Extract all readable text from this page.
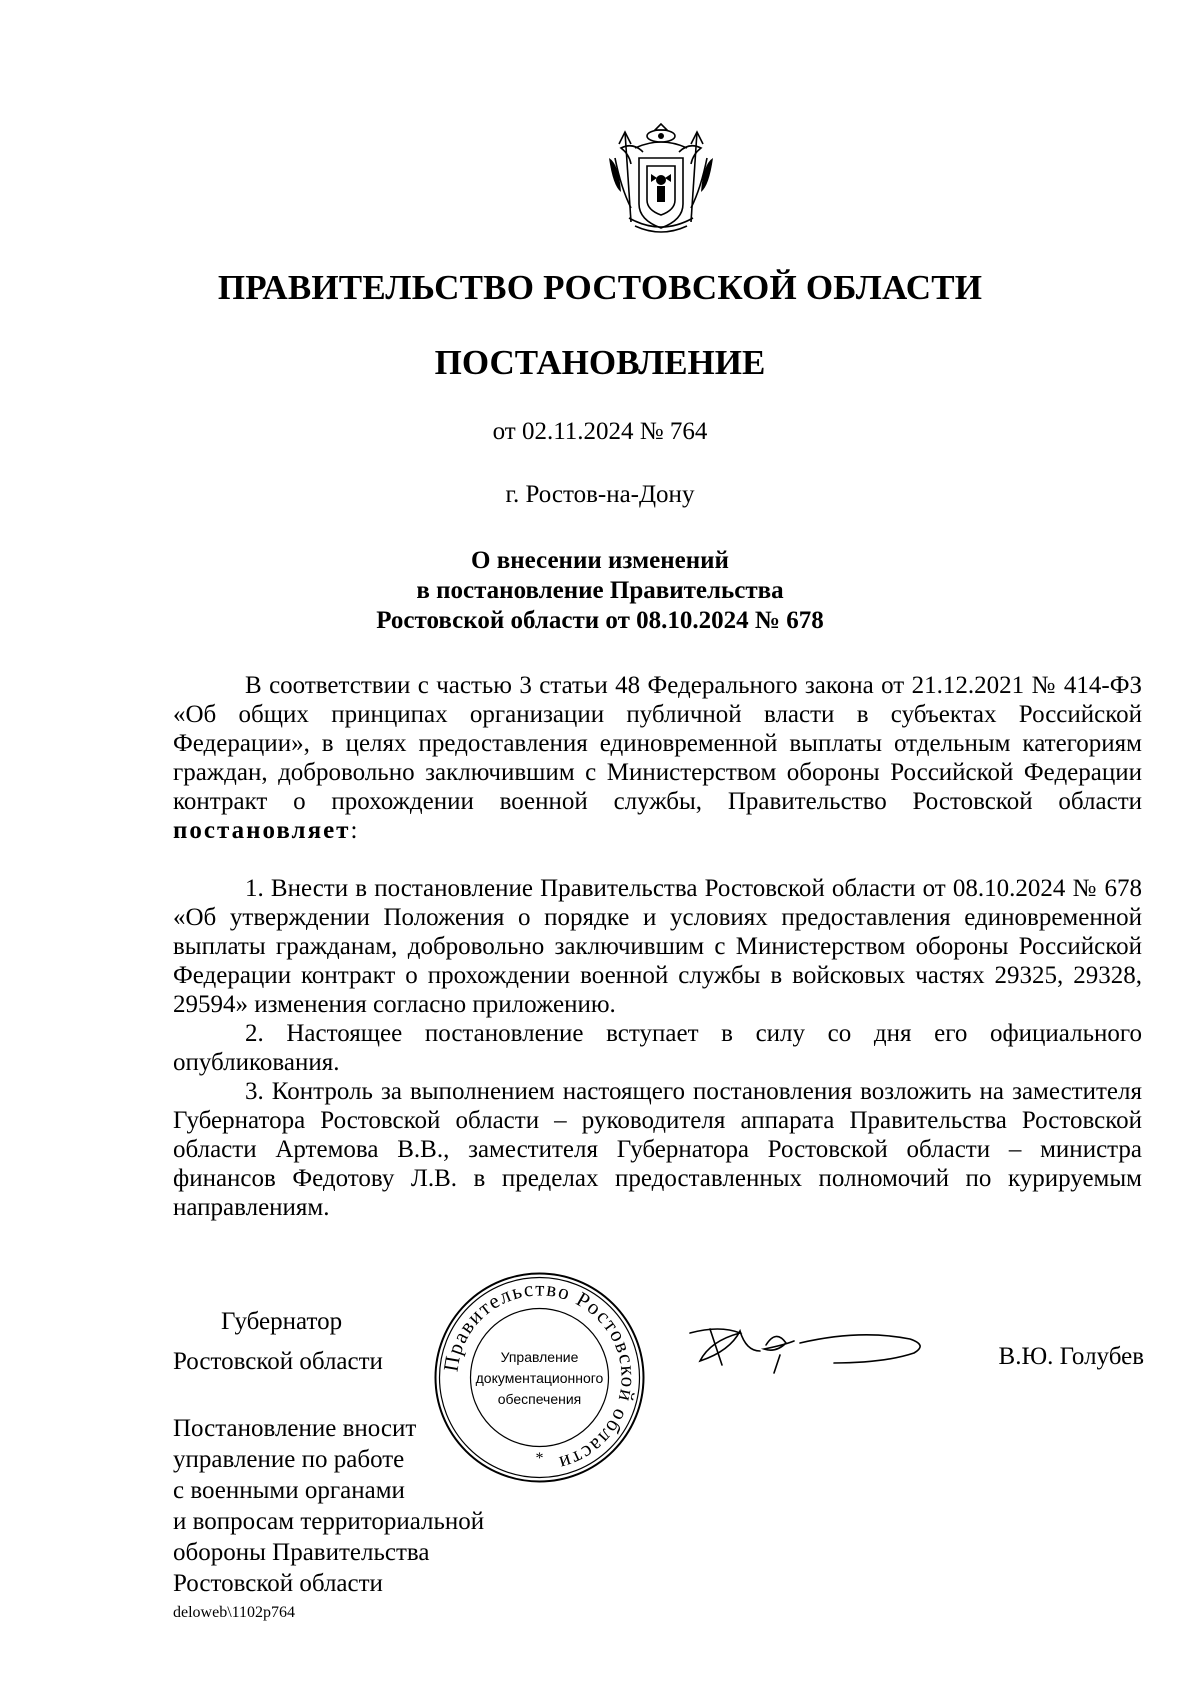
ПРАВИТЕЛЬСТВО РОСТОВСКОЙ ОБЛАСТИ
ПОСТАНОВЛЕНИЕ
от 02.11.2024 № 764
г. Ростов-на-Дону
О внесении изменений
в постановление Правительства
Ростовской области от 08.10.2024 № 678

В соответствии с частью 3 статьи 48 Федерального закона от 21.12.2021 № 414-ФЗ «Об общих принципах организации публичной власти в субъектах Российской Федерации», в целях предоставления единовременной выплаты отдельным категориям граждан, добровольно заключившим с Министерством обороны Российской Федерации контракт о прохождении военной службы, Правительство Ростовской области постановляет:

1. Внести в постановление Правительства Ростовской области от 08.10.2024 № 678 «Об утверждении Положения о порядке и условиях предоставления единовременной выплаты гражданам, добровольно заключившим с Министерством обороны Российской Федерации контракт о прохождении военной службы в войсковых частях 29325, 29328, 29594» изменения согласно приложению.

2. Настоящее постановление вступает в силу со дня его официального опубликования.

3. Контроль за выполнением настоящего постановления возложить на заместителя Губернатора Ростовской области – руководителя аппарата Правительства Ростовской области Артемова В.В., заместителя Губернатора Ростовской области – министра финансов Федотову Л.В. в пределах предоставленных полномочий по курируемым направлениям.

Губернатор
Ростовской области	Правительство Ростовской области
Управление
документационного
обеспечения
*
В.Ю. Голубев
Постановление вносит
управление по работе
с военными органами
и вопросам территориальной
обороны Правительства
Ростовской области
deloweb\1102p764
